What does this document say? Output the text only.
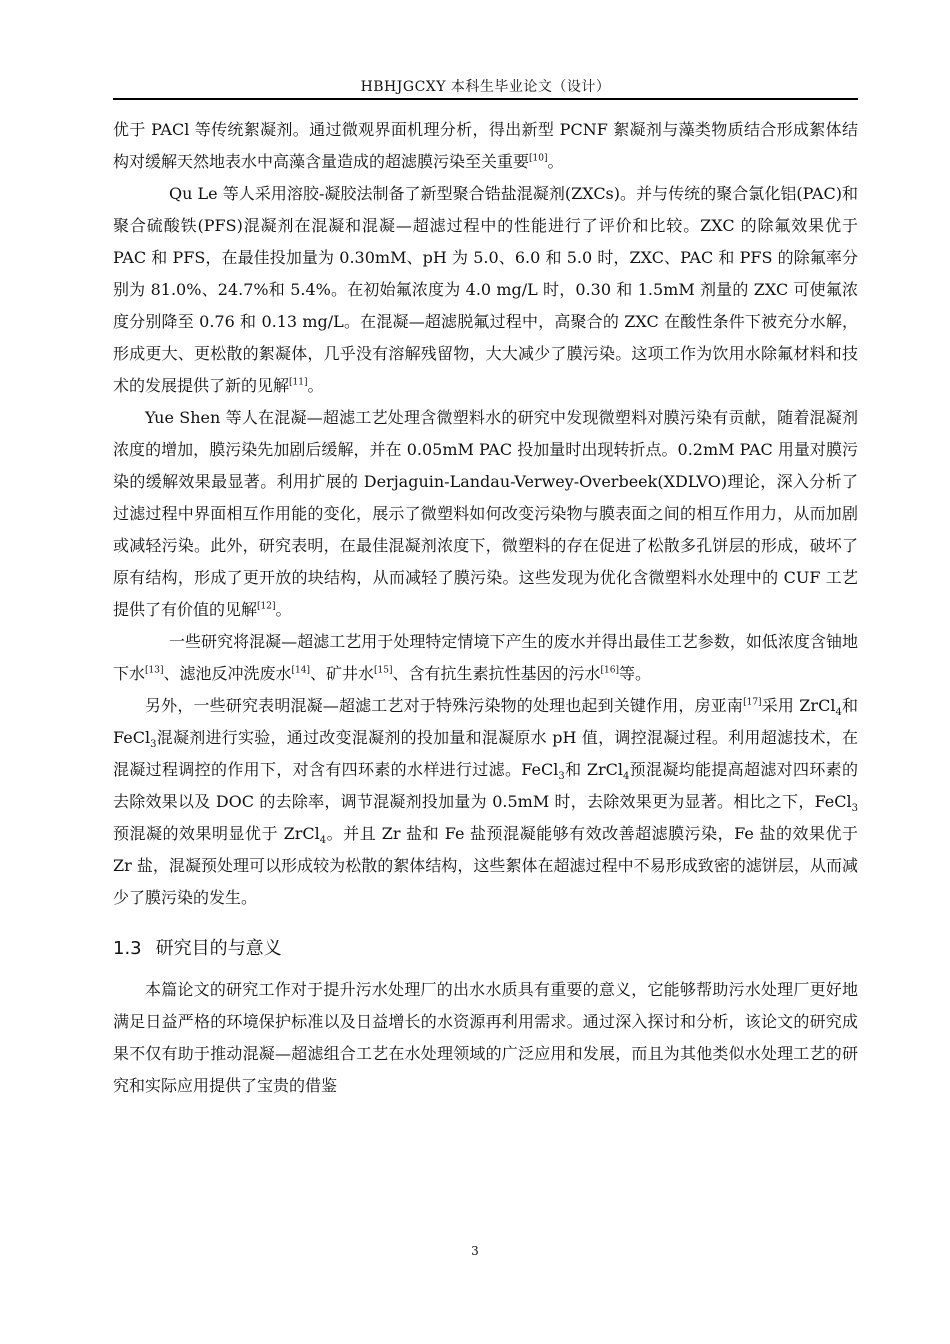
HBHJGCXY 本科生毕业论文（设计）

优于 PACl 等传统絮凝剂。通过微观界面机理分析，得出新型 PCNF 絮凝剂与藻类物质结合形成絮体结构对缓解天然地表水中高藻含量造成的超滤膜污染至关重要[10]。

Qu Le 等人采用溶胶-凝胶法制备了新型聚合锆盐混凝剂(ZXCs)。并与传统的聚合氯化铝(PAC)和聚合硫酸铁(PFS)混凝剂在混凝和混凝—超滤过程中的性能进行了评价和比较。ZXC 的除氟效果优于 PAC 和 PFS，在最佳投加量为 0.30mM、pH 为 5.0、6.0 和 5.0 时，ZXC、PAC 和 PFS 的除氟率分别为 81.0%、24.7%和 5.4%。在初始氟浓度为 4.0 mg/L 时，0.30 和 1.5mM 剂量的 ZXC 可使氟浓度分别降至 0.76 和 0.13 mg/L。在混凝—超滤脱氟过程中，高聚合的 ZXC 在酸性条件下被充分水解，形成更大、更松散的絮凝体，几乎没有溶解残留物，大大减少了膜污染。这项工作为饮用水除氟材料和技术的发展提供了新的见解[11]。

Yue Shen 等人在混凝—超滤工艺处理含微塑料水的研究中发现微塑料对膜污染有贡献，随着混凝剂浓度的增加，膜污染先加剧后缓解，并在 0.05mM PAC 投加量时出现转折点。0.2mM PAC 用量对膜污染的缓解效果最显著。利用扩展的 Derjaguin-Landau-Verwey-Overbeek(XDLVO)理论，深入分析了过滤过程中界面相互作用能的变化，展示了微塑料如何改变污染物与膜表面之间的相互作用力，从而加剧或减轻污染。此外，研究表明，在最佳混凝剂浓度下，微塑料的存在促进了松散多孔饼层的形成，破坏了原有结构，形成了更开放的块结构，从而减轻了膜污染。这些发现为优化含微塑料水处理中的 CUF 工艺提供了有价值的见解[12]。

一些研究将混凝—超滤工艺用于处理特定情境下产生的废水并得出最佳工艺参数，如低浓度含铀地下水[13]、滤池反冲洗废水[14]、矿井水[15]、含有抗生素抗性基因的污水[16]等。

另外，一些研究表明混凝—超滤工艺对于特殊污染物的处理也起到关键作用，房亚南[17]采用 ZrCl$_4$和 FeCl$_3$混凝剂进行实验，通过改变混凝剂的投加量和混凝原水 pH 值，调控混凝过程。利用超滤技术，在混凝过程调控的作用下，对含有四环素的水样进行过滤。FeCl$_3$和 ZrCl$_4$预混凝均能提高超滤对四环素的去除效果以及 DOC 的去除率，调节混凝剂投加量为 0.5mM 时，去除效果更为显著。相比之下，FeCl$_3$预混凝的效果明显优于 ZrCl$_4$。并且 Zr 盐和 Fe 盐预混凝能够有效改善超滤膜污染，Fe 盐的效果优于 Zr 盐，混凝预处理可以形成较为松散的絮体结构，这些絮体在超滤过程中不易形成致密的滤饼层，从而减少了膜污染的发生。

1.3 研究目的与意义

本篇论文的研究工作对于提升污水处理厂的出水水质具有重要的意义，它能够帮助污水处理厂更好地满足日益严格的环境保护标准以及日益增长的水资源再利用需求。通过深入探讨和分析，该论文的研究成果不仅有助于推动混凝—超滤组合工艺在水处理领域的广泛应用和发展，而且为其他类似水处理工艺的研究和实际应用提供了宝贵的借鉴

3
